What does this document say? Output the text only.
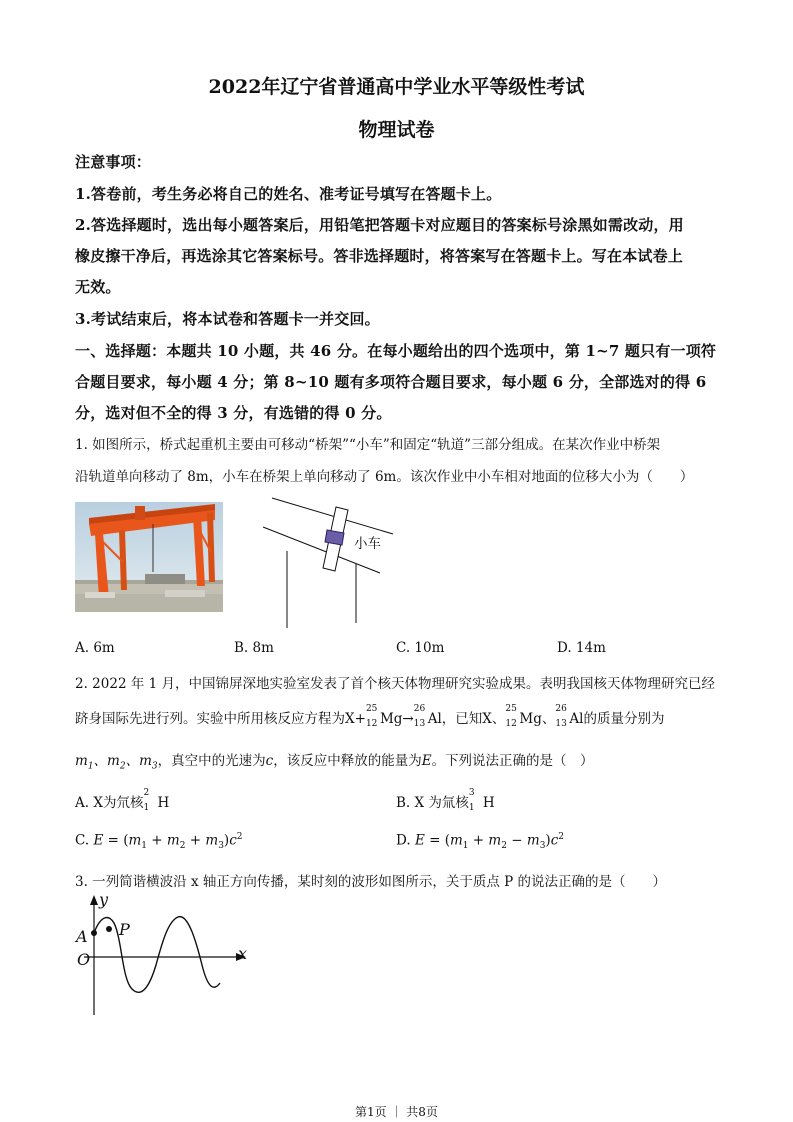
2022年辽宁省普通高中学业水平等级性考试
物理试卷
注意事项：
1.答卷前，考生务必将自己的姓名、准考证号填写在答题卡上。
2.答选择题时，选出每小题答案后，用铅笔把答题卡对应题目的答案标号涂黑如需改动，用
橡皮擦干净后，再选涂其它答案标号。答非选择题时，将答案写在答题卡上。写在本试卷上
无效。
3.考试结束后，将本试卷和答题卡一并交回。
一、选择题：本题共 10 小题，共 46 分。在每小题给出的四个选项中，第 1~7 题只有一项符
合题目要求，每小题 4 分；第 8~10 题有多项符合题目要求，每小题 6 分，全部选对的得 6
分，选对但不全的得 3 分，有选错的得 0 分。
1. 如图所示，桥式起重机主要由可移动“桥架”“小车”和固定“轨道”三部分组成。在某次作业中桥架
沿轨道单向移动了 8m，小车在桥架上单向移动了 6m。该次作业中小车相对地面的位移大小为（　　）
小车
A. 6m	B. 8m	C. 10m	D. 14m
2. 2022 年 1 月，中国锦屏深地实验室发表了首个核天体物理研究实验成果。表明我国核天体物理研究已经
跻身国际先进行列。实验中所用核反应方程为X+
25
12 Mg→
26
13 Al，已知X、
25
12 Mg、
26
13 Al的质量分别为
$m_1$、$m_2$、$m_3$，真空中的光速为c，该反应中释放的能量为E。下列说法正确的是（　）
A. X为氘核
2
1 H	B. X 为氚核
3
1 H
C. $E = (m_1 + m_2 + m_3)c^2$	D. $E = (m_1 + m_2 - m_3)c^2$
3. 一列简谐横波沿 x 轴正方向传播，某时刻的波形如图所示，关于质点 P 的说法正确的是（　　）
y
x
A P
O
第1页 ｜ 共8页
